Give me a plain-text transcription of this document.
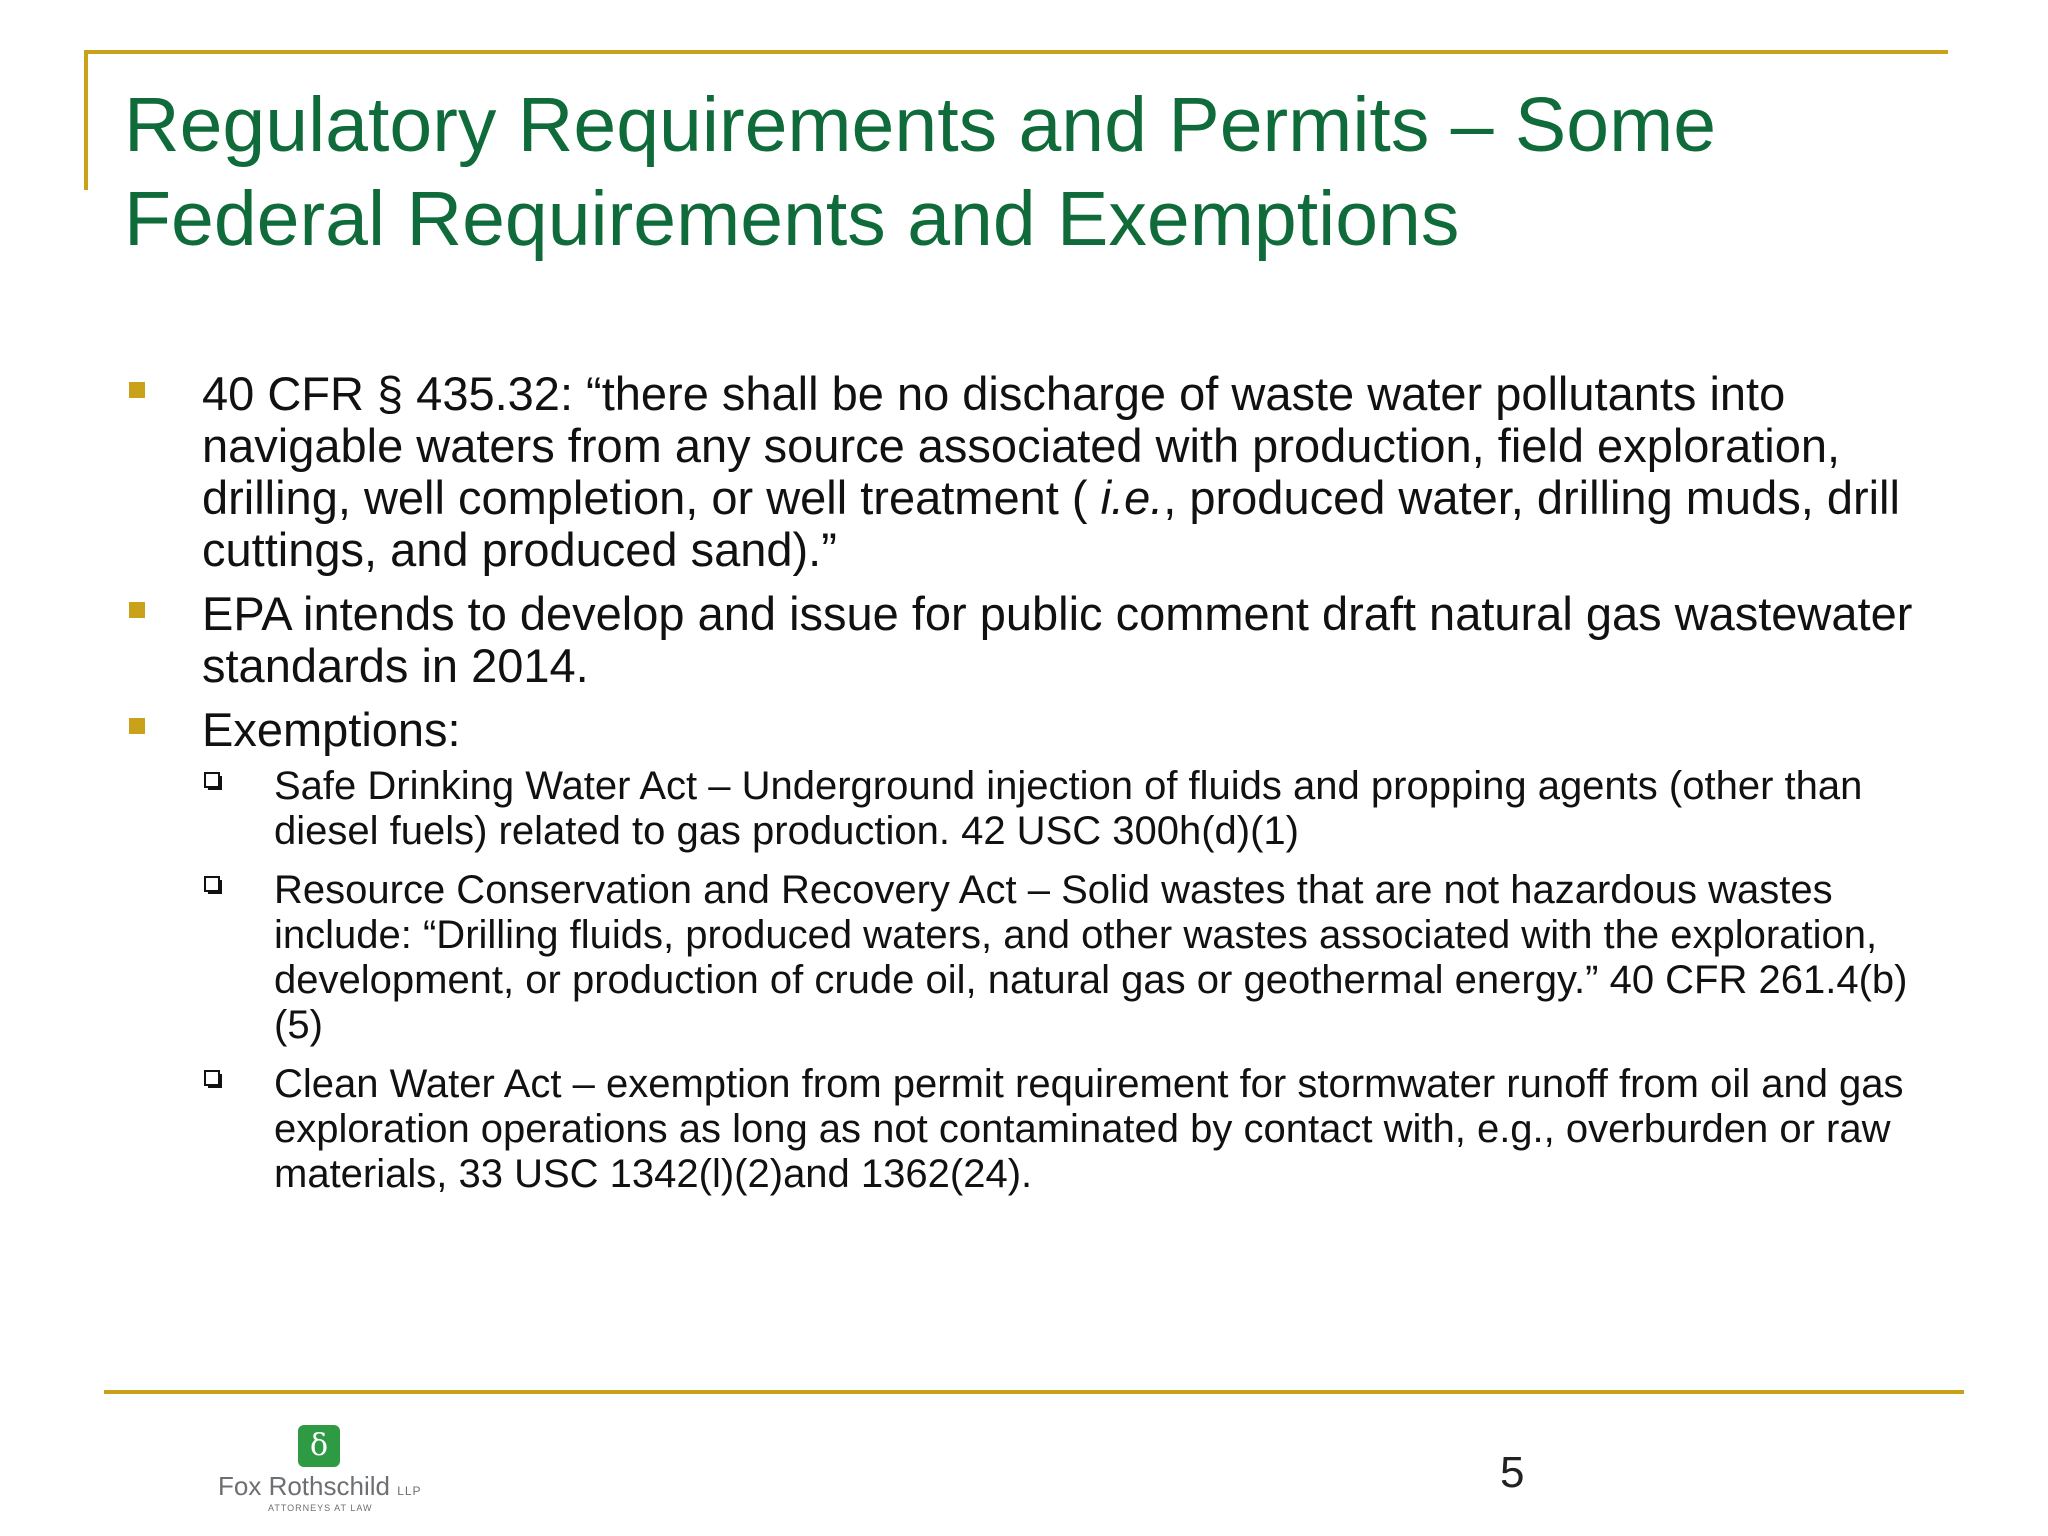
Regulatory Requirements and Permits – Some
Federal Requirements and Exemptions
40 CFR § 435.32: “there shall be no discharge of waste water pollutants into navigable waters from any source associated with production, field exploration, drilling, well completion, or well treatment ( i.e., produced water, drilling muds, drill cuttings, and produced sand).”
EPA intends to develop and issue for public comment draft natural gas wastewater standards in 2014.
Exemptions:
Safe Drinking Water Act – Underground injection of fluids and propping agents (other than diesel fuels) related to gas production. 42 USC 300h(d)(1)
Resource Conservation and Recovery Act – Solid wastes that are not hazardous wastes include: “Drilling fluids, produced waters, and other wastes associated with the exploration, development, or production of crude oil, natural gas or geothermal energy.” 40 CFR 261.4(b)(5)
Clean Water Act – exemption from permit requirement for stormwater runoff from oil and gas exploration operations as long as not contaminated by contact with, e.g., overburden or raw materials, 33 USC 1342(l)(2)and 1362(24).
δ
Fox Rothschild LLP
ATTORNEYS AT LAW
5
